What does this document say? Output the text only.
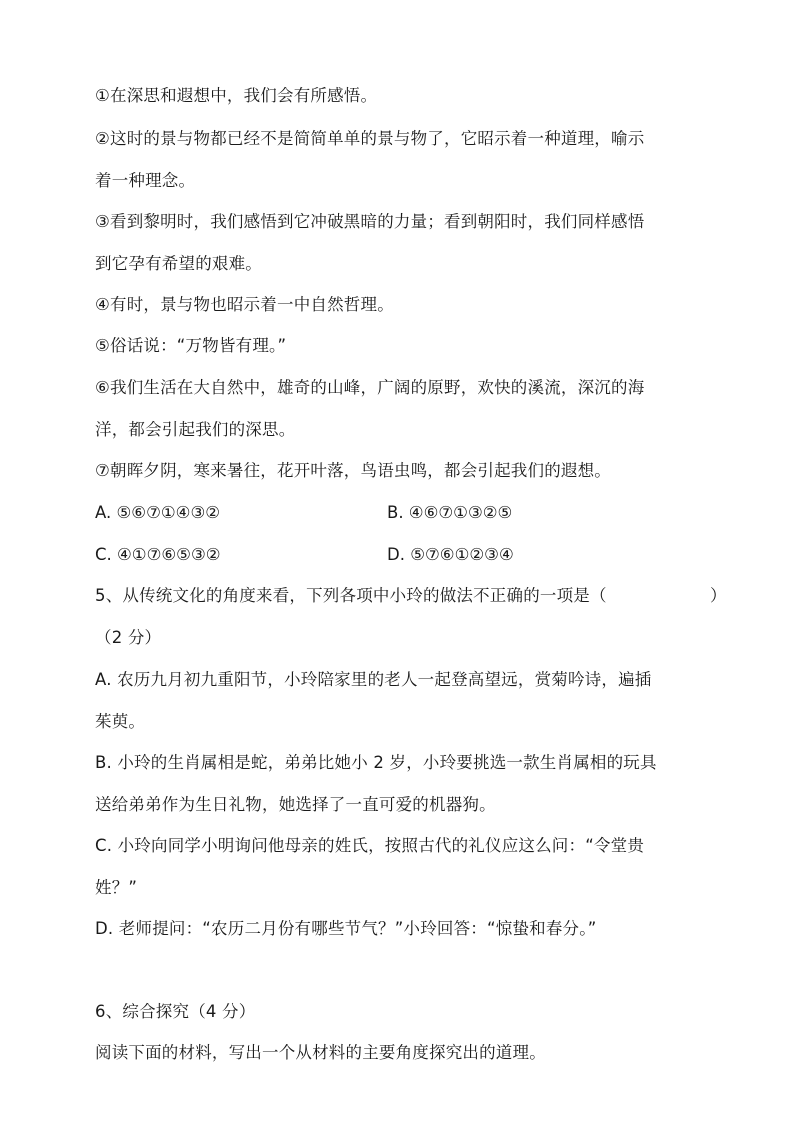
①在深思和遐想中，我们会有所感悟。
②这时的景与物都已经不是简简单单的景与物了，它昭示着一种道理，喻示
着一种理念。
③看到黎明时，我们感悟到它冲破黑暗的力量；看到朝阳时，我们同样感悟
到它孕有希望的艰难。
④有时，景与物也昭示着一中自然哲理。
⑤俗话说：“万物皆有理。”
⑥我们生活在大自然中，雄奇的山峰，广阔的原野，欢快的溪流，深沉的海
洋，都会引起我们的深思。
⑦朝晖夕阴，寒来暑往，花开叶落，鸟语虫鸣，都会引起我们的遐想。
A. ⑤⑥⑦①④③②	B. ④⑥⑦①③②⑤
C. ④①⑦⑥⑤③②	D. ⑤⑦⑥①②③④
5、从传统文化的角度来看，下列各项中小玲的做法不正确的一项是（	）
（2 分）
A. 农历九月初九重阳节，小玲陪家里的老人一起登高望远，赏菊吟诗，遍插
茱萸。
B. 小玲的生肖属相是蛇，弟弟比她小 2 岁，小玲要挑选一款生肖属相的玩具
送给弟弟作为生日礼物，她选择了一直可爱的机器狗。
C. 小玲向同学小明询问他母亲的姓氏，按照古代的礼仪应这么问：“令堂贵
姓？”
D. 老师提问：“农历二月份有哪些节气？”小玲回答：“惊蛰和春分。”
6、综合探究（4 分）
阅读下面的材料，写出一个从材料的主要角度探究出的道理。
